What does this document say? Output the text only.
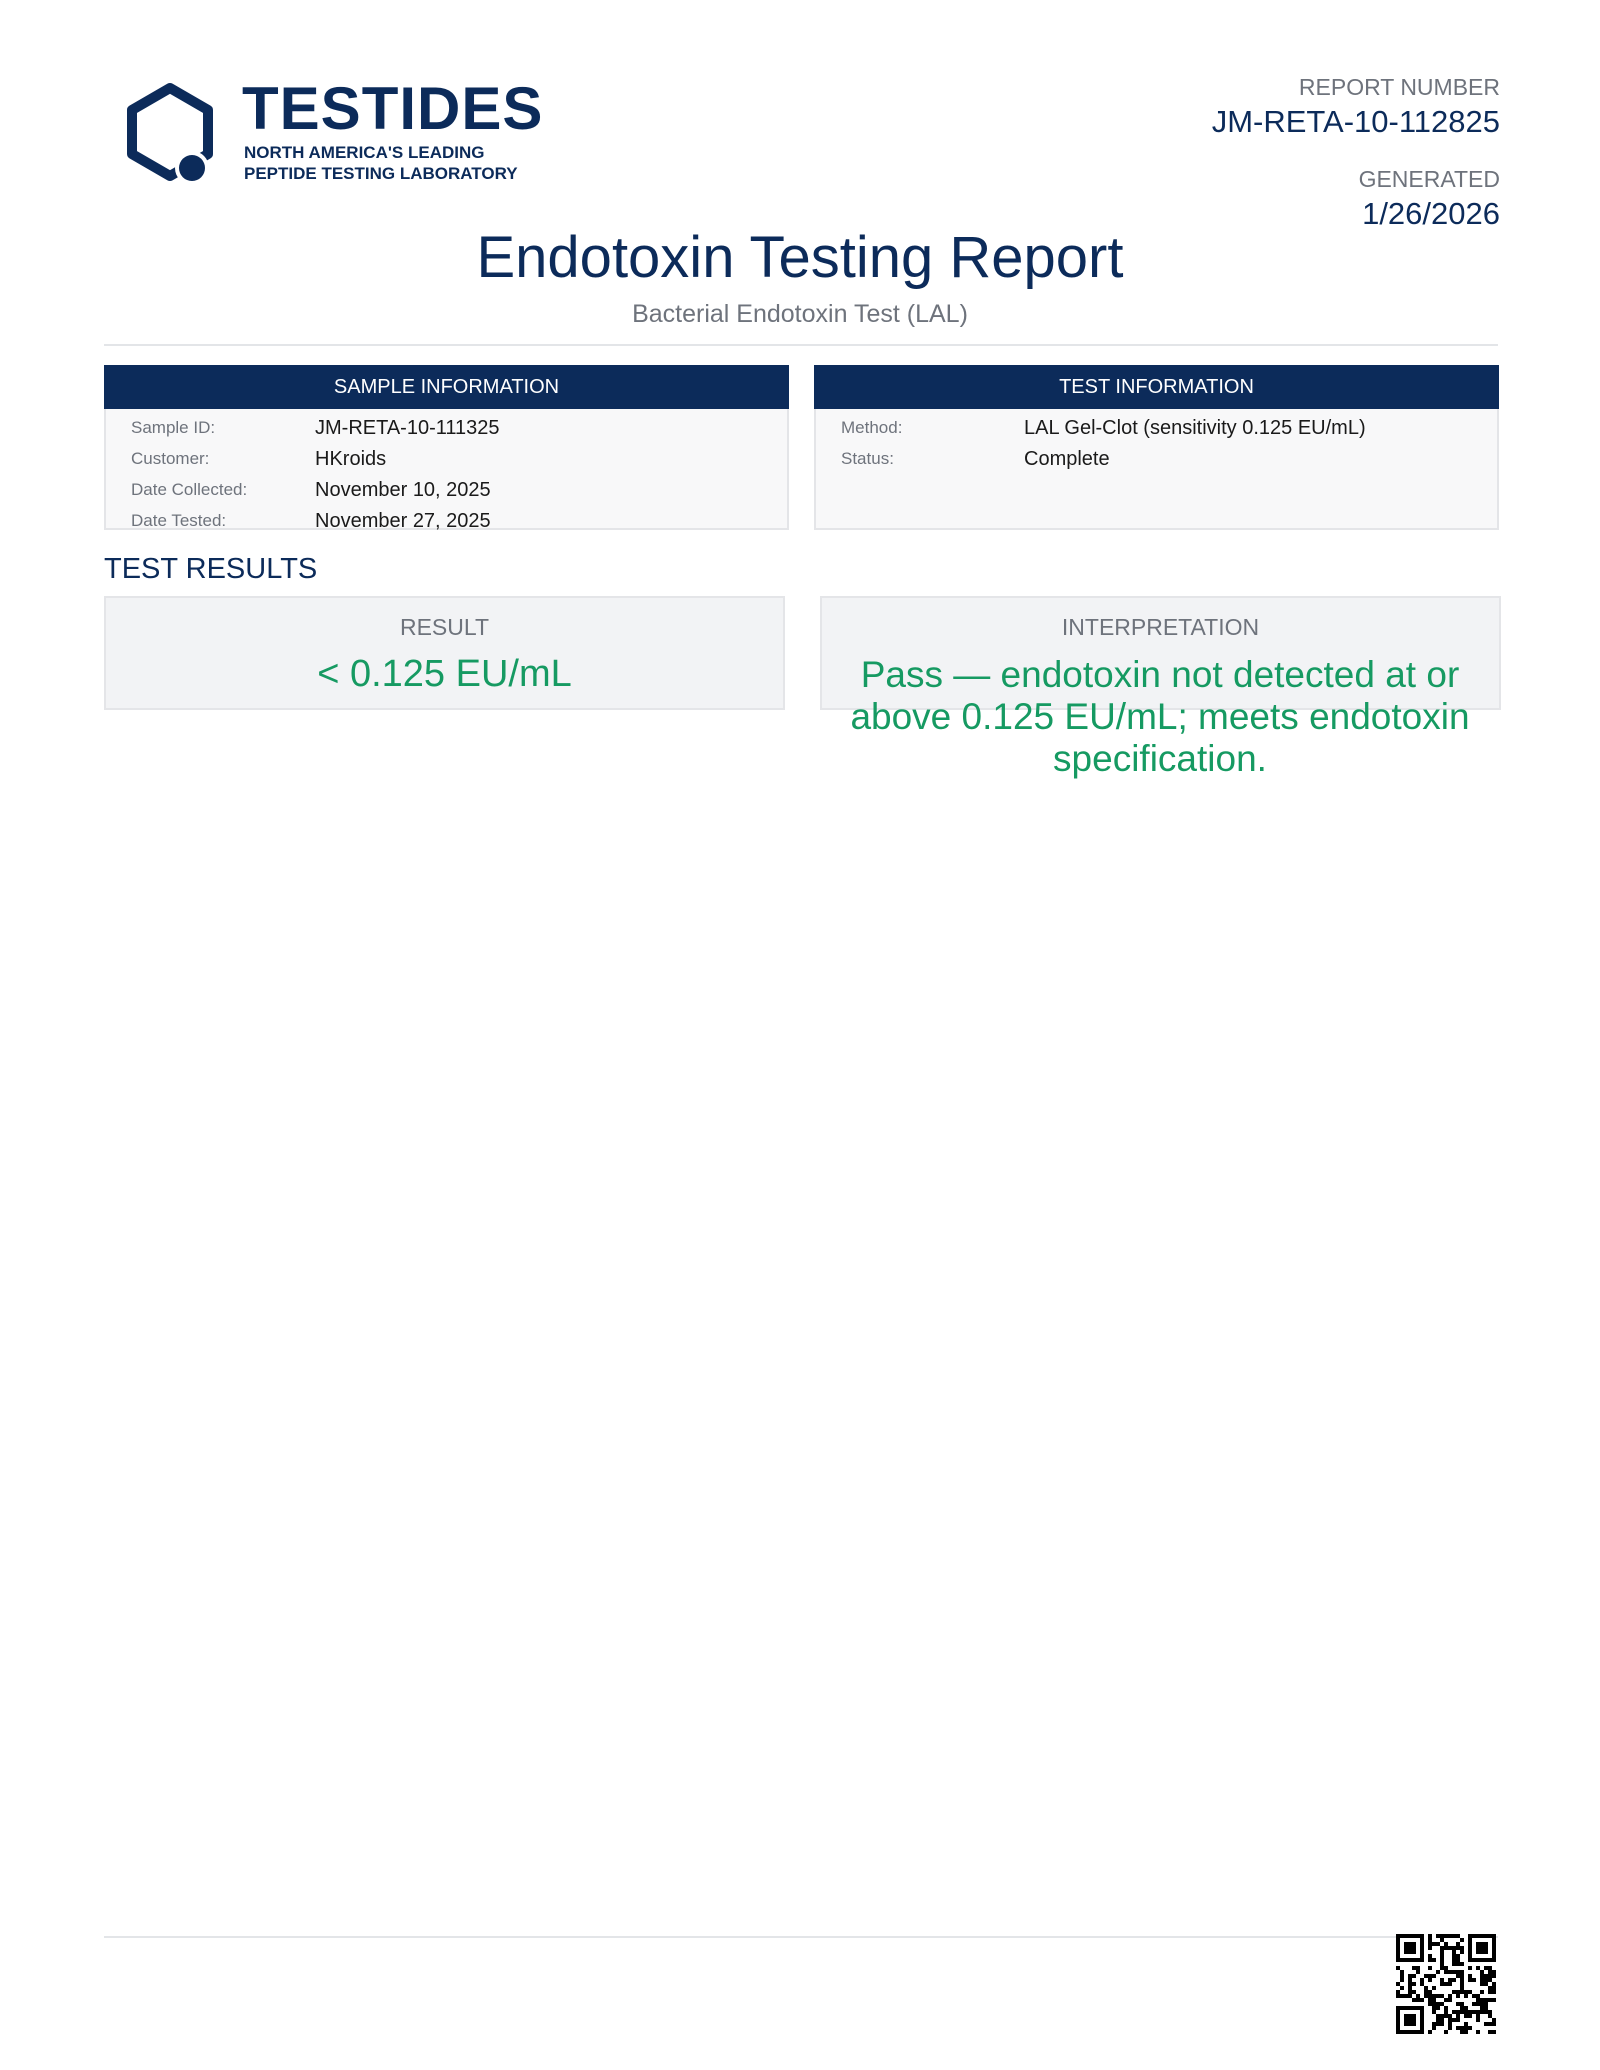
TESTIDES
NORTH AMERICA'S LEADING
PEPTIDE TESTING LABORATORY
REPORT NUMBER
JM-RETA-10-112825
GENERATED
1/26/2026
Endotoxin Testing Report
Bacterial Endotoxin Test (LAL)
SAMPLE INFORMATION
Sample ID:	JM-RETA-10-111325
Customer:	HKroids
Date Collected:	November 10, 2025
Date Tested:	November 27, 2025
TEST INFORMATION
Method:	LAL Gel-Clot (sensitivity 0.125 EU/mL)
Status:	Complete
TEST RESULTS
RESULT
< 0.125 EU/mL
INTERPRETATION
Pass — endotoxin not detected at or above 0.125 EU/mL; meets endotoxin specification.
